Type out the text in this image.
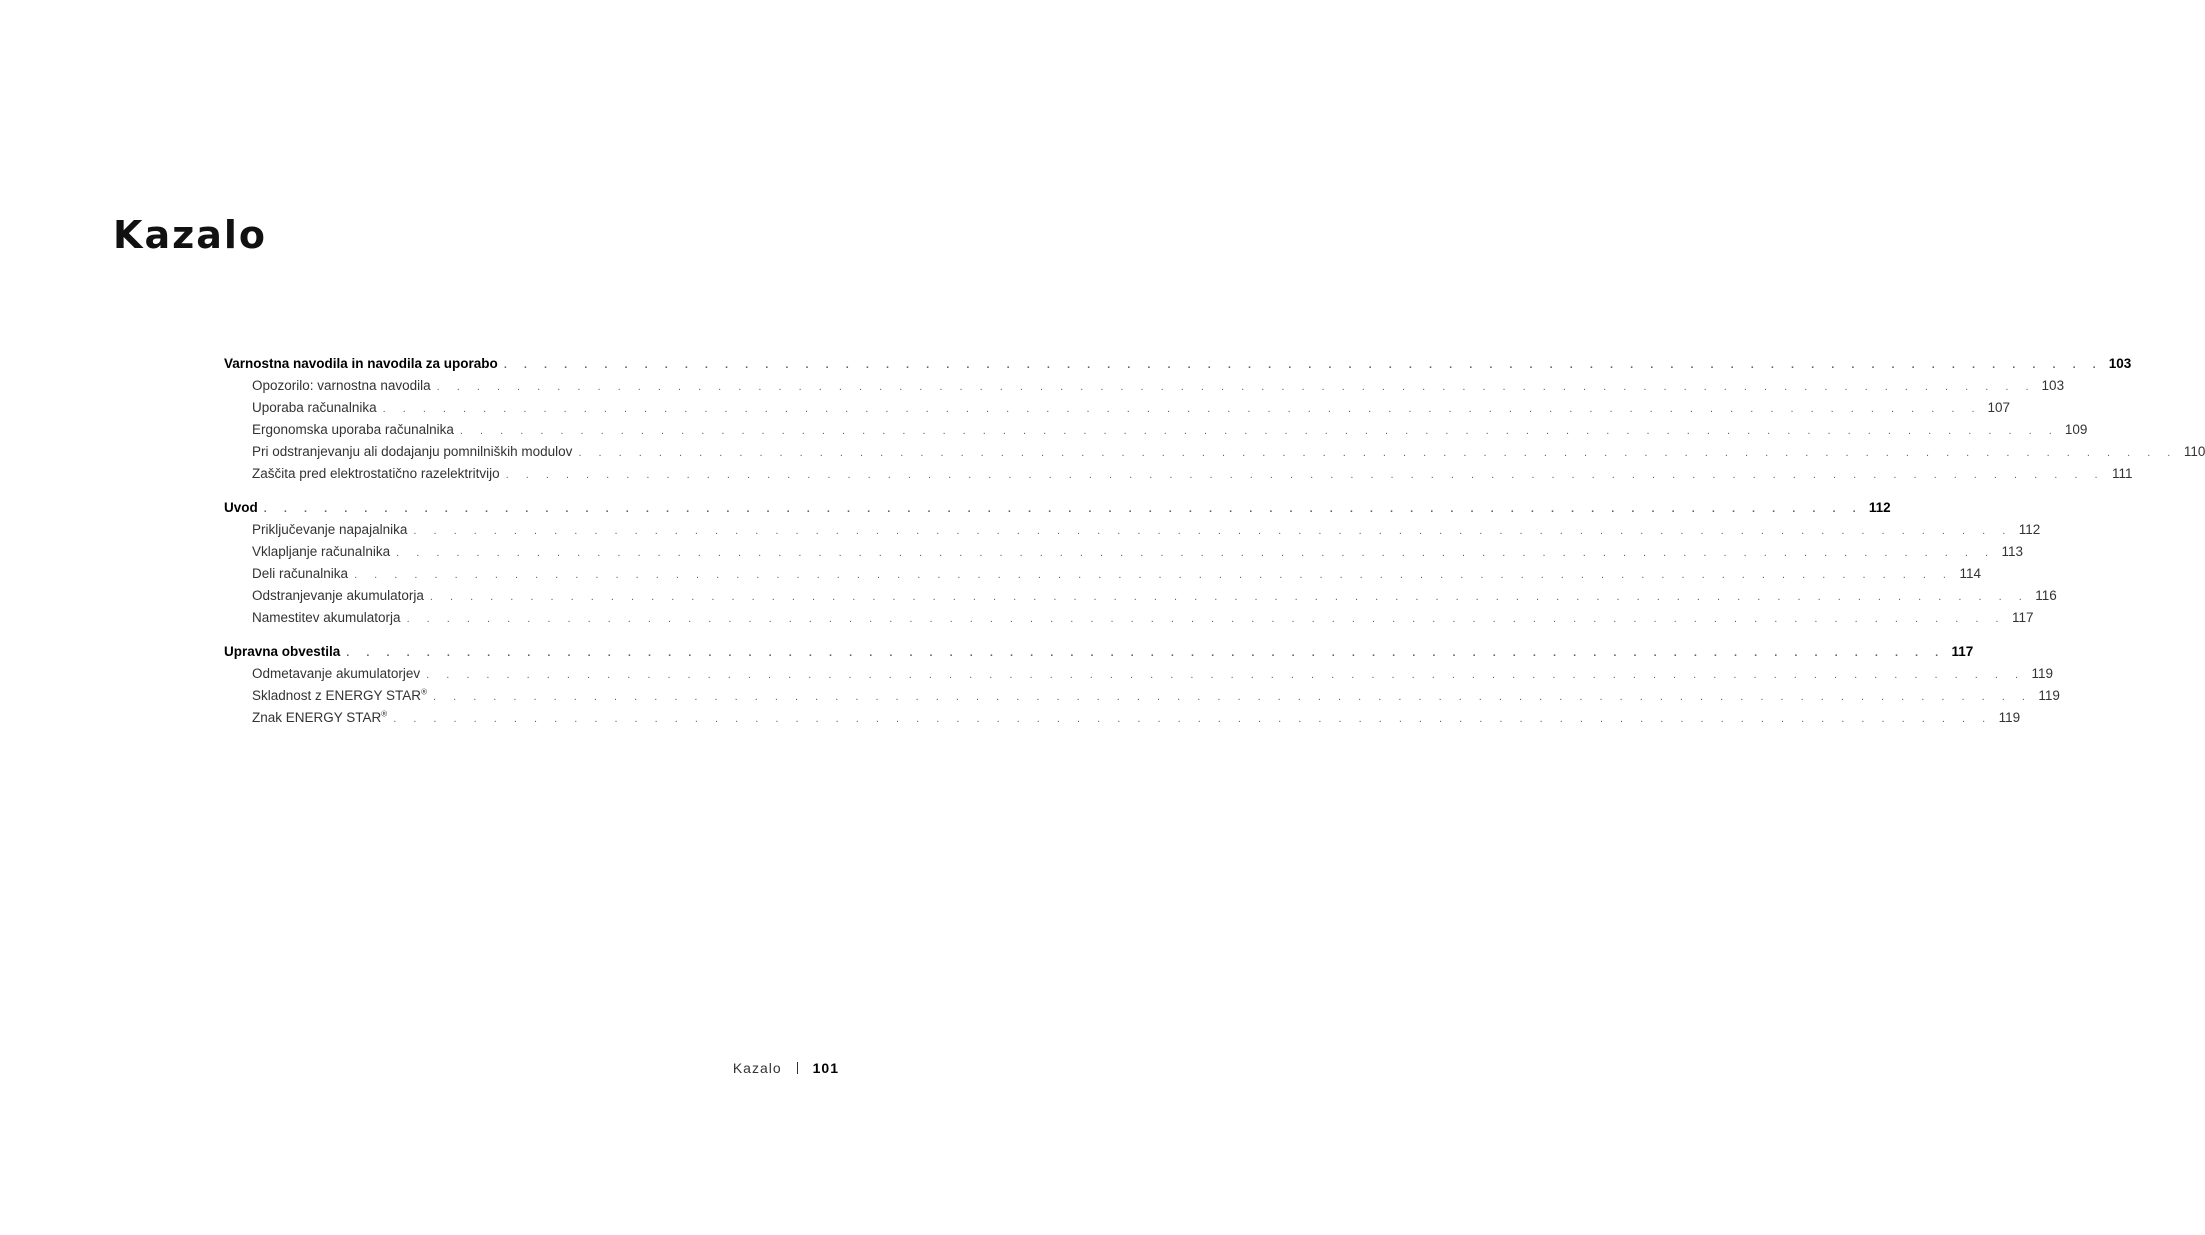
Kazalo
Varnostna navodila in navodila za uporabo . . . . . . . . . . . . . . . . . . . . . . . . . . . . . . . . . . . . . . . . . . . . . . . . . . . . . . . . . . . . . . . . . . . . . . . . . . . . . . . . 103
Opozorilo: varnostna navodila . . . . . . . . . . . . . . . . . . . . . . . . . . . . . . . . . . . . . . . . . . . . . . . . . . . . . . . . . . . . . . . . . . . . . . . . . . . . . . . . 103
Uporaba računalnika . . . . . . . . . . . . . . . . . . . . . . . . . . . . . . . . . . . . . . . . . . . . . . . . . . . . . . . . . . . . . . . . . . . . . . . . . . . . . . . . 107
Ergonomska uporaba računalnika . . . . . . . . . . . . . . . . . . . . . . . . . . . . . . . . . . . . . . . . . . . . . . . . . . . . . . . . . . . . . . . . . . . . . . . . . . . . . . . . 109
Pri odstranjevanju ali dodajanju pomnilniških modulov . . . . . . . . . . . . . . . . . . . . . . . . . . . . . . . . . . . . . . . . . . . . . . . . . . . . . . . . . . . . . . . . . . . . . . . . . . . . . . . . 110
Zaščita pred elektrostatično razelektritvijo . . . . . . . . . . . . . . . . . . . . . . . . . . . . . . . . . . . . . . . . . . . . . . . . . . . . . . . . . . . . . . . . . . . . . . . . . . . . . . . . 111
Uvod . . . . . . . . . . . . . . . . . . . . . . . . . . . . . . . . . . . . . . . . . . . . . . . . . . . . . . . . . . . . . . . . . . . . . . . . . . . . . . . . 112
Priključevanje napajalnika . . . . . . . . . . . . . . . . . . . . . . . . . . . . . . . . . . . . . . . . . . . . . . . . . . . . . . . . . . . . . . . . . . . . . . . . . . . . . . . . 112
Vklapljanje računalnika . . . . . . . . . . . . . . . . . . . . . . . . . . . . . . . . . . . . . . . . . . . . . . . . . . . . . . . . . . . . . . . . . . . . . . . . . . . . . . . . 113
Deli računalnika . . . . . . . . . . . . . . . . . . . . . . . . . . . . . . . . . . . . . . . . . . . . . . . . . . . . . . . . . . . . . . . . . . . . . . . . . . . . . . . . 114
Odstranjevanje akumulatorja . . . . . . . . . . . . . . . . . . . . . . . . . . . . . . . . . . . . . . . . . . . . . . . . . . . . . . . . . . . . . . . . . . . . . . . . . . . . . . . . 116
Namestitev akumulatorja . . . . . . . . . . . . . . . . . . . . . . . . . . . . . . . . . . . . . . . . . . . . . . . . . . . . . . . . . . . . . . . . . . . . . . . . . . . . . . . . 117
Upravna obvestila . . . . . . . . . . . . . . . . . . . . . . . . . . . . . . . . . . . . . . . . . . . . . . . . . . . . . . . . . . . . . . . . . . . . . . . . . . . . . . . . 117
Odmetavanje akumulatorjev . . . . . . . . . . . . . . . . . . . . . . . . . . . . . . . . . . . . . . . . . . . . . . . . . . . . . . . . . . . . . . . . . . . . . . . . . . . . . . . . 119
Skladnost z ENERGY STAR® . . . . . . . . . . . . . . . . . . . . . . . . . . . . . . . . . . . . . . . . . . . . . . . . . . . . . . . . . . . . . . . . . . . . . . . . . . . . . . . . 119
Znak ENERGY STAR® . . . . . . . . . . . . . . . . . . . . . . . . . . . . . . . . . . . . . . . . . . . . . . . . . . . . . . . . . . . . . . . . . . . . . . . . . . . . . . . . 119
Kazalo 101
